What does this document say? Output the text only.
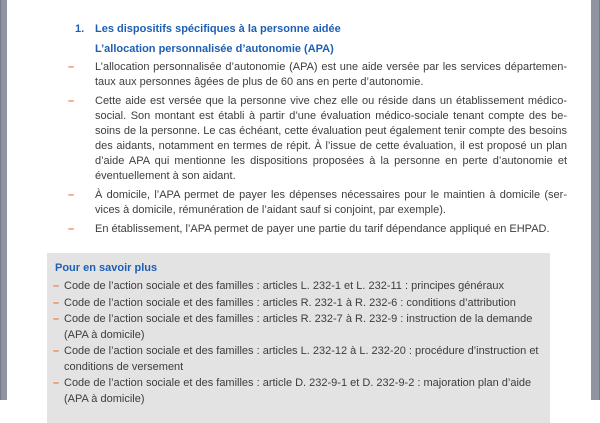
1. Les dispositifs spécifiques à la personne aidée
L’allocation personnalisée d’autonomie (APA)
– L’allocation personnalisée d’autonomie (APA) est une aide versée par les services départementaux aux personnes âgées de plus de 60 ans en perte d’autonomie.
– Cette aide est versée que la personne vive chez elle ou réside dans un établissement médico-social. Son montant est établi à partir d’une évaluation médico-sociale tenant compte des besoins de la personne. Le cas échéant, cette évaluation peut également tenir compte des besoins des aidants, notamment en termes de répit. À l’issue de cette évaluation, il est proposé un plan d’aide APA qui mentionne les dispositions proposées à la personne en perte d’autonomie et éventuellement à son aidant.
– À domicile, l’APA permet de payer les dépenses nécessaires pour le maintien à domicile (services à domicile, rémunération de l’aidant sauf si conjoint, par exemple).
– En établissement, l’APA permet de payer une partie du tarif dépendance appliqué en EHPAD.
Pour en savoir plus
– Code de l’action sociale et des familles : articles L. 232-1 et L. 232-11 : principes généraux
– Code de l’action sociale et des familles : articles R. 232-1 à R. 232-6 : conditions d’attribution
– Code de l’action sociale et des familles : articles R. 232-7 à R. 232-9 : instruction de la demande (APA à domicile)
– Code de l’action sociale et des familles : articles L. 232-12 à L. 232-20 : procédure d’instruction et conditions de versement
– Code de l’action sociale et des familles : article D. 232-9-1 et D. 232-9-2 : majoration plan d’aide (APA à domicile)
